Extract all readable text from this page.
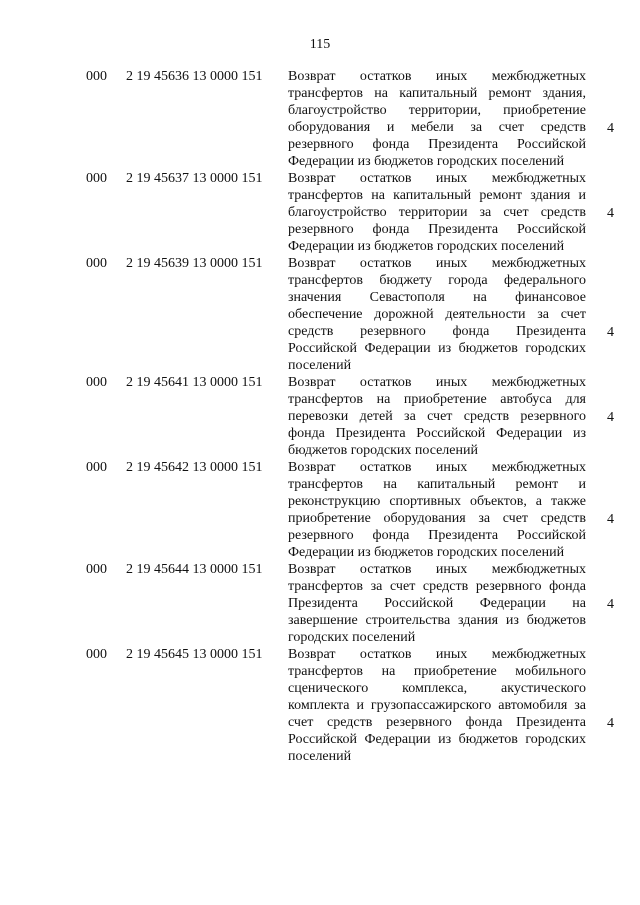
115
000 2 19 45636 13 0000 151 Возврат остатков иных межбюджетных трансфертов на капитальный ремонт здания, благоустройство территории, приобретение оборудования и мебели за счет средств резервного фонда Президента Российской Федерации из бюджетов городских поселений
4
000 2 19 45637 13 0000 151 Возврат остатков иных межбюджетных трансфертов на капитальный ремонт здания и благоустройство территории за счет средств резервного фонда Президента Российской Федерации из бюджетов городских поселений
4
000 2 19 45639 13 0000 151 Возврат остатков иных межбюджетных трансфертов бюджету города федерального значения Севастополя на финансовое обеспечение дорожной деятельности за счет средств резервного фонда Президента Российской Федерации из бюджетов городских поселений
4
000 2 19 45641 13 0000 151 Возврат остатков иных межбюджетных трансфертов на приобретение автобуса для перевозки детей за счет средств резервного фонда Президента Российской Федерации из бюджетов городских поселений
4
000 2 19 45642 13 0000 151 Возврат остатков иных межбюджетных трансфертов на капитальный ремонт и реконструкцию спортивных объектов, а также приобретение оборудования за счет средств резервного фонда Президента Российской Федерации из бюджетов городских поселений
4
000 2 19 45644 13 0000 151 Возврат остатков иных межбюджетных трансфертов за счет средств резервного фонда Президента Российской Федерации на завершение строительства здания из бюджетов городских поселений
4
000 2 19 45645 13 0000 151 Возврат остатков иных межбюджетных трансфертов на приобретение мобильного сценического комплекса, акустического комплекта и грузопассажирского автомобиля за счет средств резервного фонда Президента Российской Федерации из бюджетов городских поселений
4
